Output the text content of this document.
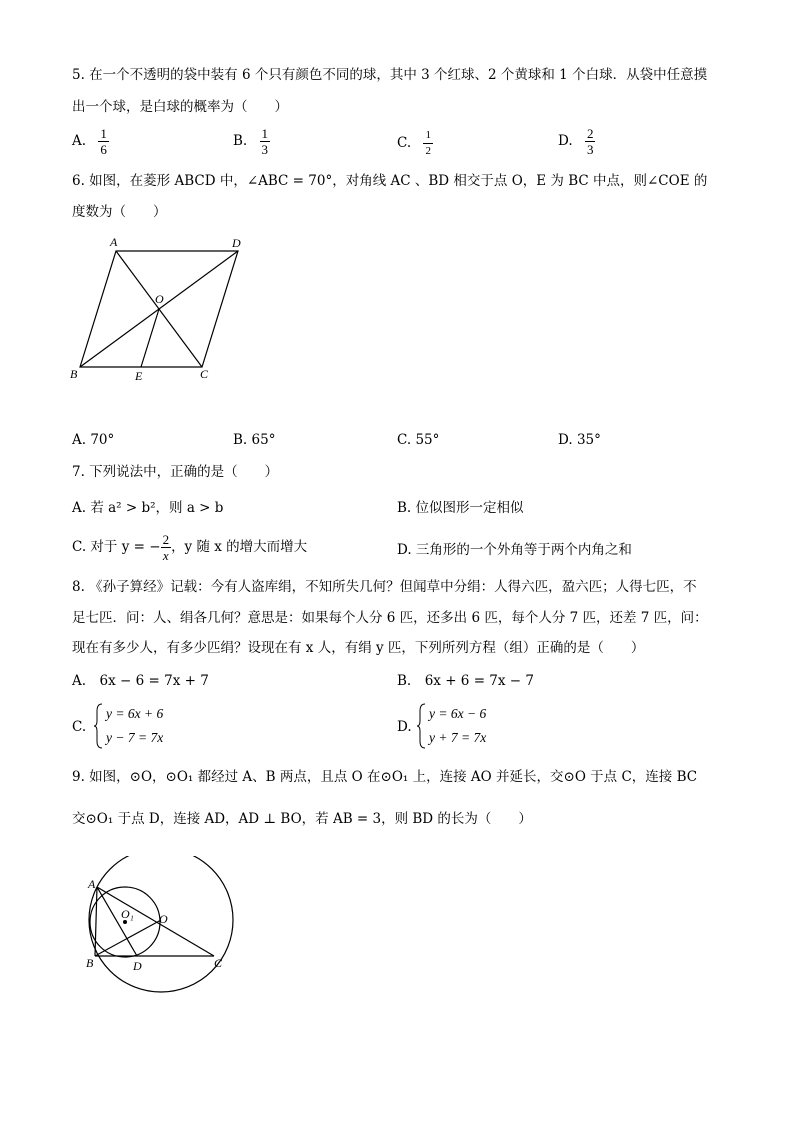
5. 在一个不透明的袋中装有 6 个只有颜色不同的球，其中 3 个红球、2 个黄球和 1 个白球．从袋中任意摸
出一个球，是白球的概率为（　　）
A. $\frac{1}{6}$	B. $\frac{1}{3}$	C. $\frac{1}{2}$	D. $\frac{2}{3}$
6. 如图，在菱形 ABCD 中，∠ABC = 70°，对角线 AC 、BD 相交于点 O，E 为 BC 中点，则∠COE 的
度数为（　　）
A	D
O
B	E	C
A. 70°	B. 65°	C. 55°	D. 35°
7. 下列说法中，正确的是（　　）
A. 若 a² > b²，则 a > b	B. 位似图形一定相似
C. 对于 y = − $\frac{2}{x}$ ，y 随 x 的增大而增大	D. 三角形的一个外角等于两个内角之和
8. 《孙子算经》记载：今有人盗库绢，不知所失几何？但闻草中分绢：人得六匹，盈六匹；人得七匹，不
足七匹．问：人、绢各几何？意思是：如果每个人分 6 匹，还多出 6 匹，每个人分 7 匹，还差 7 匹，问：
现在有多少人，有多少匹绢？设现在有 x 人，有绢 y 匹，下列所列方程（组）正确的是（　　）
A.　6x − 6 = 7x + 7	B.　6x + 6 = 7x − 7
C.
y = 6x + 6
y − 7 = 7x
D.
y = 6x − 6
y + 7 = 7x
9. 如图，⊙O，⊙O₁ 都经过 A、B 两点，且点 O 在⊙O₁ 上，连接 AO 并延长，交⊙O 于点 C，连接 BC
交⊙O₁ 于点 D，连接 AD，AD ⊥ BO，若 AB = 3，则 BD 的长为（　　）
A
O₁ O
B	D	C
